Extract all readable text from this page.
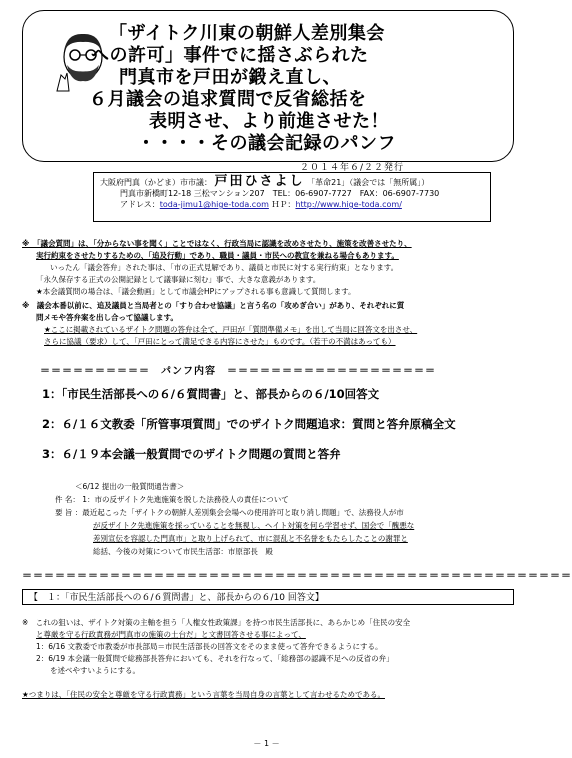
「ザイトク川東の朝鮮人差別集会
への許可」事件でに揺さぶられた
門真市を戸田が鍛え直し、
６月議会の追求質問で反省総括を
表明させ、より前進させた！
・・・・その議会記録のパンフ
２０１４年６/２２発行
大阪府門真（かどま）市市議： 戸田ひさよし 「革命21」（議会では「無所属」）
門真市新橋町12-18 三松マンション207　TEL：06-6907-7727　FAX：06-6907-7730
アドレス：toda-jimu1@hige-toda.com ＨＰ：http://www.hige-toda.com/
※　「議会質問」は、「分からない事を聞く」ことではなく、行政当局に認識を改めさせたり、施策を改善させたり、
実行約束をさせたりするための、「追及行動」であり、職員・議員・市民への教宣を兼ねる場合もあります。
いったん「議会答弁」された事は、「市の正式見解であり、議員と市民に対する実行約束」となります。
「永久保存する正式の公開記録として議事録に刻む」事で、大きな意義があります。
★本会議質問の場合は、「議会動画」として市議会HPにアップされる事も意識して質問します。
※　議会本番以前に、追及議員と当局者との「すり合わせ協議」と言う名の「攻めぎ合い」があり、それぞれに質
問メモや答弁案を出し合って協議します。
★ここに掲載されているザイトク問題の答弁は全て、戸田が「質問準備メモ」を出して当局に回答文を出させ、
さらに協議（要求）して、「戸田にとって満足できる内容にさせた」ものです。（若干の不満はあっても）
＝＝＝＝＝＝＝＝＝＝　パンフ内容　＝＝＝＝＝＝＝＝＝＝＝＝＝＝＝＝＝＝＝
1：「市民生活部長への６/６質問書」と、部長からの６/10回答文
2：６/１６文教委「所管事項質問」でのザイトク問題追求：質問と答弁原稿全文
3：６/１９本会議一般質問でのザイトク問題の質問と答弁
＜6/12 提出の一般質問通告書＞
件 名： 1：市の反ザイトク先進施策を脱した法務役人の責任について
要 旨 ：最近起こった「ザイトクの朝鮮人差別集会会場への使用許可と取り消し問題」で、法務役人が市
が反ザイトク先進施策を採っていることを無視し、ヘイト対策を何ら学習せず、国会で「醜悪な
差別宣伝を容認した門真市」と取り上げられて、市に混乱と不名誉をもたらしたことの謝罪と
総括、今後の対策について市民生活部：市原部長　殿
＝＝＝＝＝＝＝＝＝＝＝＝＝＝＝＝＝＝＝＝＝＝＝＝＝＝＝＝＝＝＝＝＝＝＝＝＝＝＝＝＝＝＝＝＝＝＝＝＝＝
【　１：「市民生活部長への６/６質問書」と、部長からの６/10 回答文】
※　これの狙いは、ザイトク対策の主軸を担う「人権女性政策課」を持つ市民生活部長に、あらかじめ「住民の安全
と尊厳を守る行政責務が門真市の施策の土台だ」と文書回答させる事によって、
1：6/16 文教委で市教委が市長部局＝市民生活部長の回答文をそのまま使って答弁できるようにする。
2：6/19 本会議一般質問で総務部長答弁においても、それを行なって、「総務部の認識不足への反省の弁」
を述べやすいようにする。
★つまりは、「住民の安全と尊厳を守る行政責務」という言葉を当局自身の言葉として言わせるためである。
－ 1 －
